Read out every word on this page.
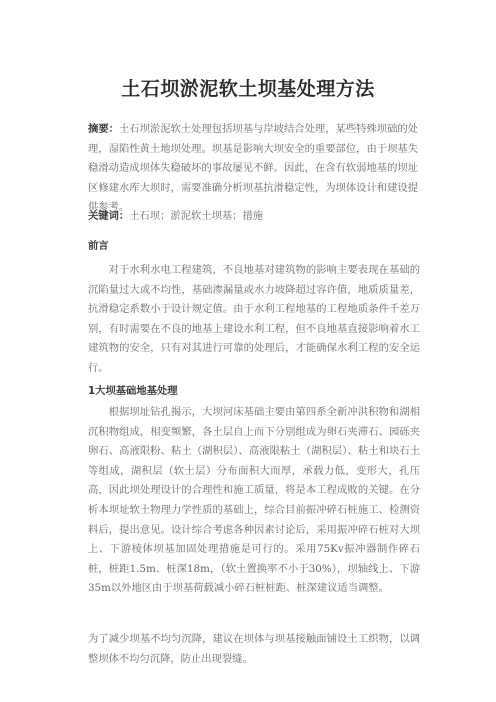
土石坝淤泥软土坝基处理方法
摘要：土石坝淤泥软土处理包括坝基与岸坡结合处理，某些特殊坝础的处理，湿陷性黄土地坝处理。坝基是影响大坝安全的重要部位，由于坝基失稳滑动造成坝体失稳破坏的事故屡见不鲜。因此，在含有软弱地基的坝址区修建水库大坝时，需要准确分析坝基抗滑稳定性，为坝体设计和建设提供参考。
关键词：土石坝；淤泥软土坝基；措施
前言

对于水利水电工程建筑，不良地基对建筑物的影响主要表现在基础的沉陷量过大或不均性，基础渗漏量或水力坡降超过容许值，地质质量差，抗滑稳定系数小于设计规定值。由于水利工程地基的工程地质条件千差万别，有时需要在不良的地基上建设水利工程，但不良地基直接影响着水工建筑物的安全，只有对其进行可靠的处理后，才能确保水利工程的安全运行。

1大坝基础地基处理

根据坝址钻孔揭示，大坝河床基础主要由第四系全新冲洪积物和湖相沉积物组成，相变频繁，各土层自上而下分别组成为卵石夹滞石、园砾夹卵石、高液限粉、粘土（湖积层）、高液限粘土（湖积层）、粘土和块石土等组成，湖积层（软土层）分布面积大而厚，承载力低，变形大，孔压高，因此坝处理设计的合理性和施工质量，将是本工程成败的关键。在分析本坝址软土物理力学性质的基础上，综合目前振冲碎石桩施工、检测资料后，提出意见。设计综合考虑各种因素讨论后，采用振冲碎石桩对大坝上、下游棱体坝基加固处理措施是可行的。采用75Kv振冲器制作碎石桩，桩距1.5m、桩深18m，（软土置换率不小于30%），坝轴线上、下游35m以外地区由于坝基荷载减小碎石桩桩距、桩深建议适当调整。

为了减少坝基不均匀沉降，建议在坝体与坝基接触面铺设土工织物，以调整坝体不均匀沉降，防止出现裂缝。
